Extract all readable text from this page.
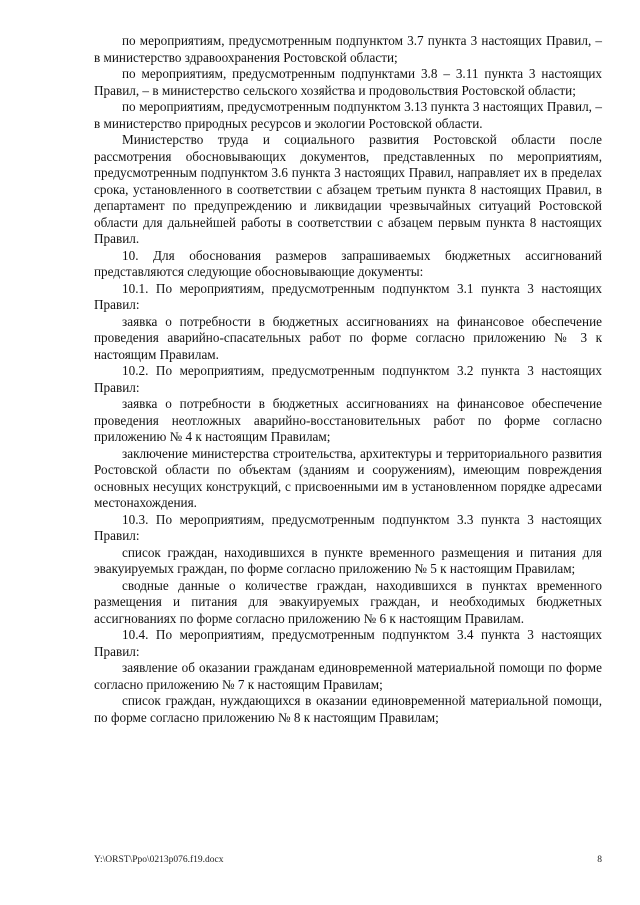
по мероприятиям, предусмотренным подпунктом 3.7 пункта 3 настоящих Правил, – в министерство здравоохранения Ростовской области;

по мероприятиям, предусмотренным подпунктами 3.8 – 3.11 пункта 3 настоящих Правил, – в министерство сельского хозяйства и продовольствия Ростовской области;

по мероприятиям, предусмотренным подпунктом 3.13 пункта 3 настоящих Правил, – в министерство природных ресурсов и экологии Ростовской области.

Министерство труда и социального развития Ростовской области после рассмотрения обосновывающих документов, представленных по мероприятиям, предусмотренным подпунктом 3.6 пункта 3 настоящих Правил, направляет их в пределах срока, установленного в соответствии с абзацем третьим пункта 8 настоящих Правил, в департамент по предупреждению и ликвидации чрезвычайных ситуаций Ростовской области для дальнейшей работы в соответствии с абзацем первым пункта 8 настоящих Правил.

10. Для обоснования размеров запрашиваемых бюджетных ассигнований представляются следующие обосновывающие документы:

10.1. По мероприятиям, предусмотренным подпунктом 3.1 пункта 3 настоящих Правил:

заявка о потребности в бюджетных ассигнованиях на финансовое обеспечение проведения аварийно-спасательных работ по форме согласно приложению № 3 к настоящим Правилам.

10.2. По мероприятиям, предусмотренным подпунктом 3.2 пункта 3 настоящих Правил:

заявка о потребности в бюджетных ассигнованиях на финансовое обеспечение проведения неотложных аварийно-восстановительных работ по форме согласно приложению № 4 к настоящим Правилам;

заключение министерства строительства, архитектуры и территориального развития Ростовской области по объектам (зданиям и сооружениям), имеющим повреждения основных несущих конструкций, с присвоенными им в установленном порядке адресами местонахождения.

10.3. По мероприятиям, предусмотренным подпунктом 3.3 пункта 3 настоящих Правил:

список граждан, находившихся в пункте временного размещения и питания для эвакуируемых граждан, по форме согласно приложению № 5 к настоящим Правилам;

сводные данные о количестве граждан, находившихся в пунктах временного размещения и питания для эвакуируемых граждан, и необходимых бюджетных ассигнованиях по форме согласно приложению № 6 к настоящим Правилам.

10.4. По мероприятиям, предусмотренным подпунктом 3.4 пункта 3 настоящих Правил:

заявление об оказании гражданам единовременной материальной помощи по форме согласно приложению № 7 к настоящим Правилам;

список граждан, нуждающихся в оказании единовременной материальной помощи, по форме согласно приложению № 8 к настоящим Правилам;

Y:\ORST\Ppo\0213p076.f19.docx	8
